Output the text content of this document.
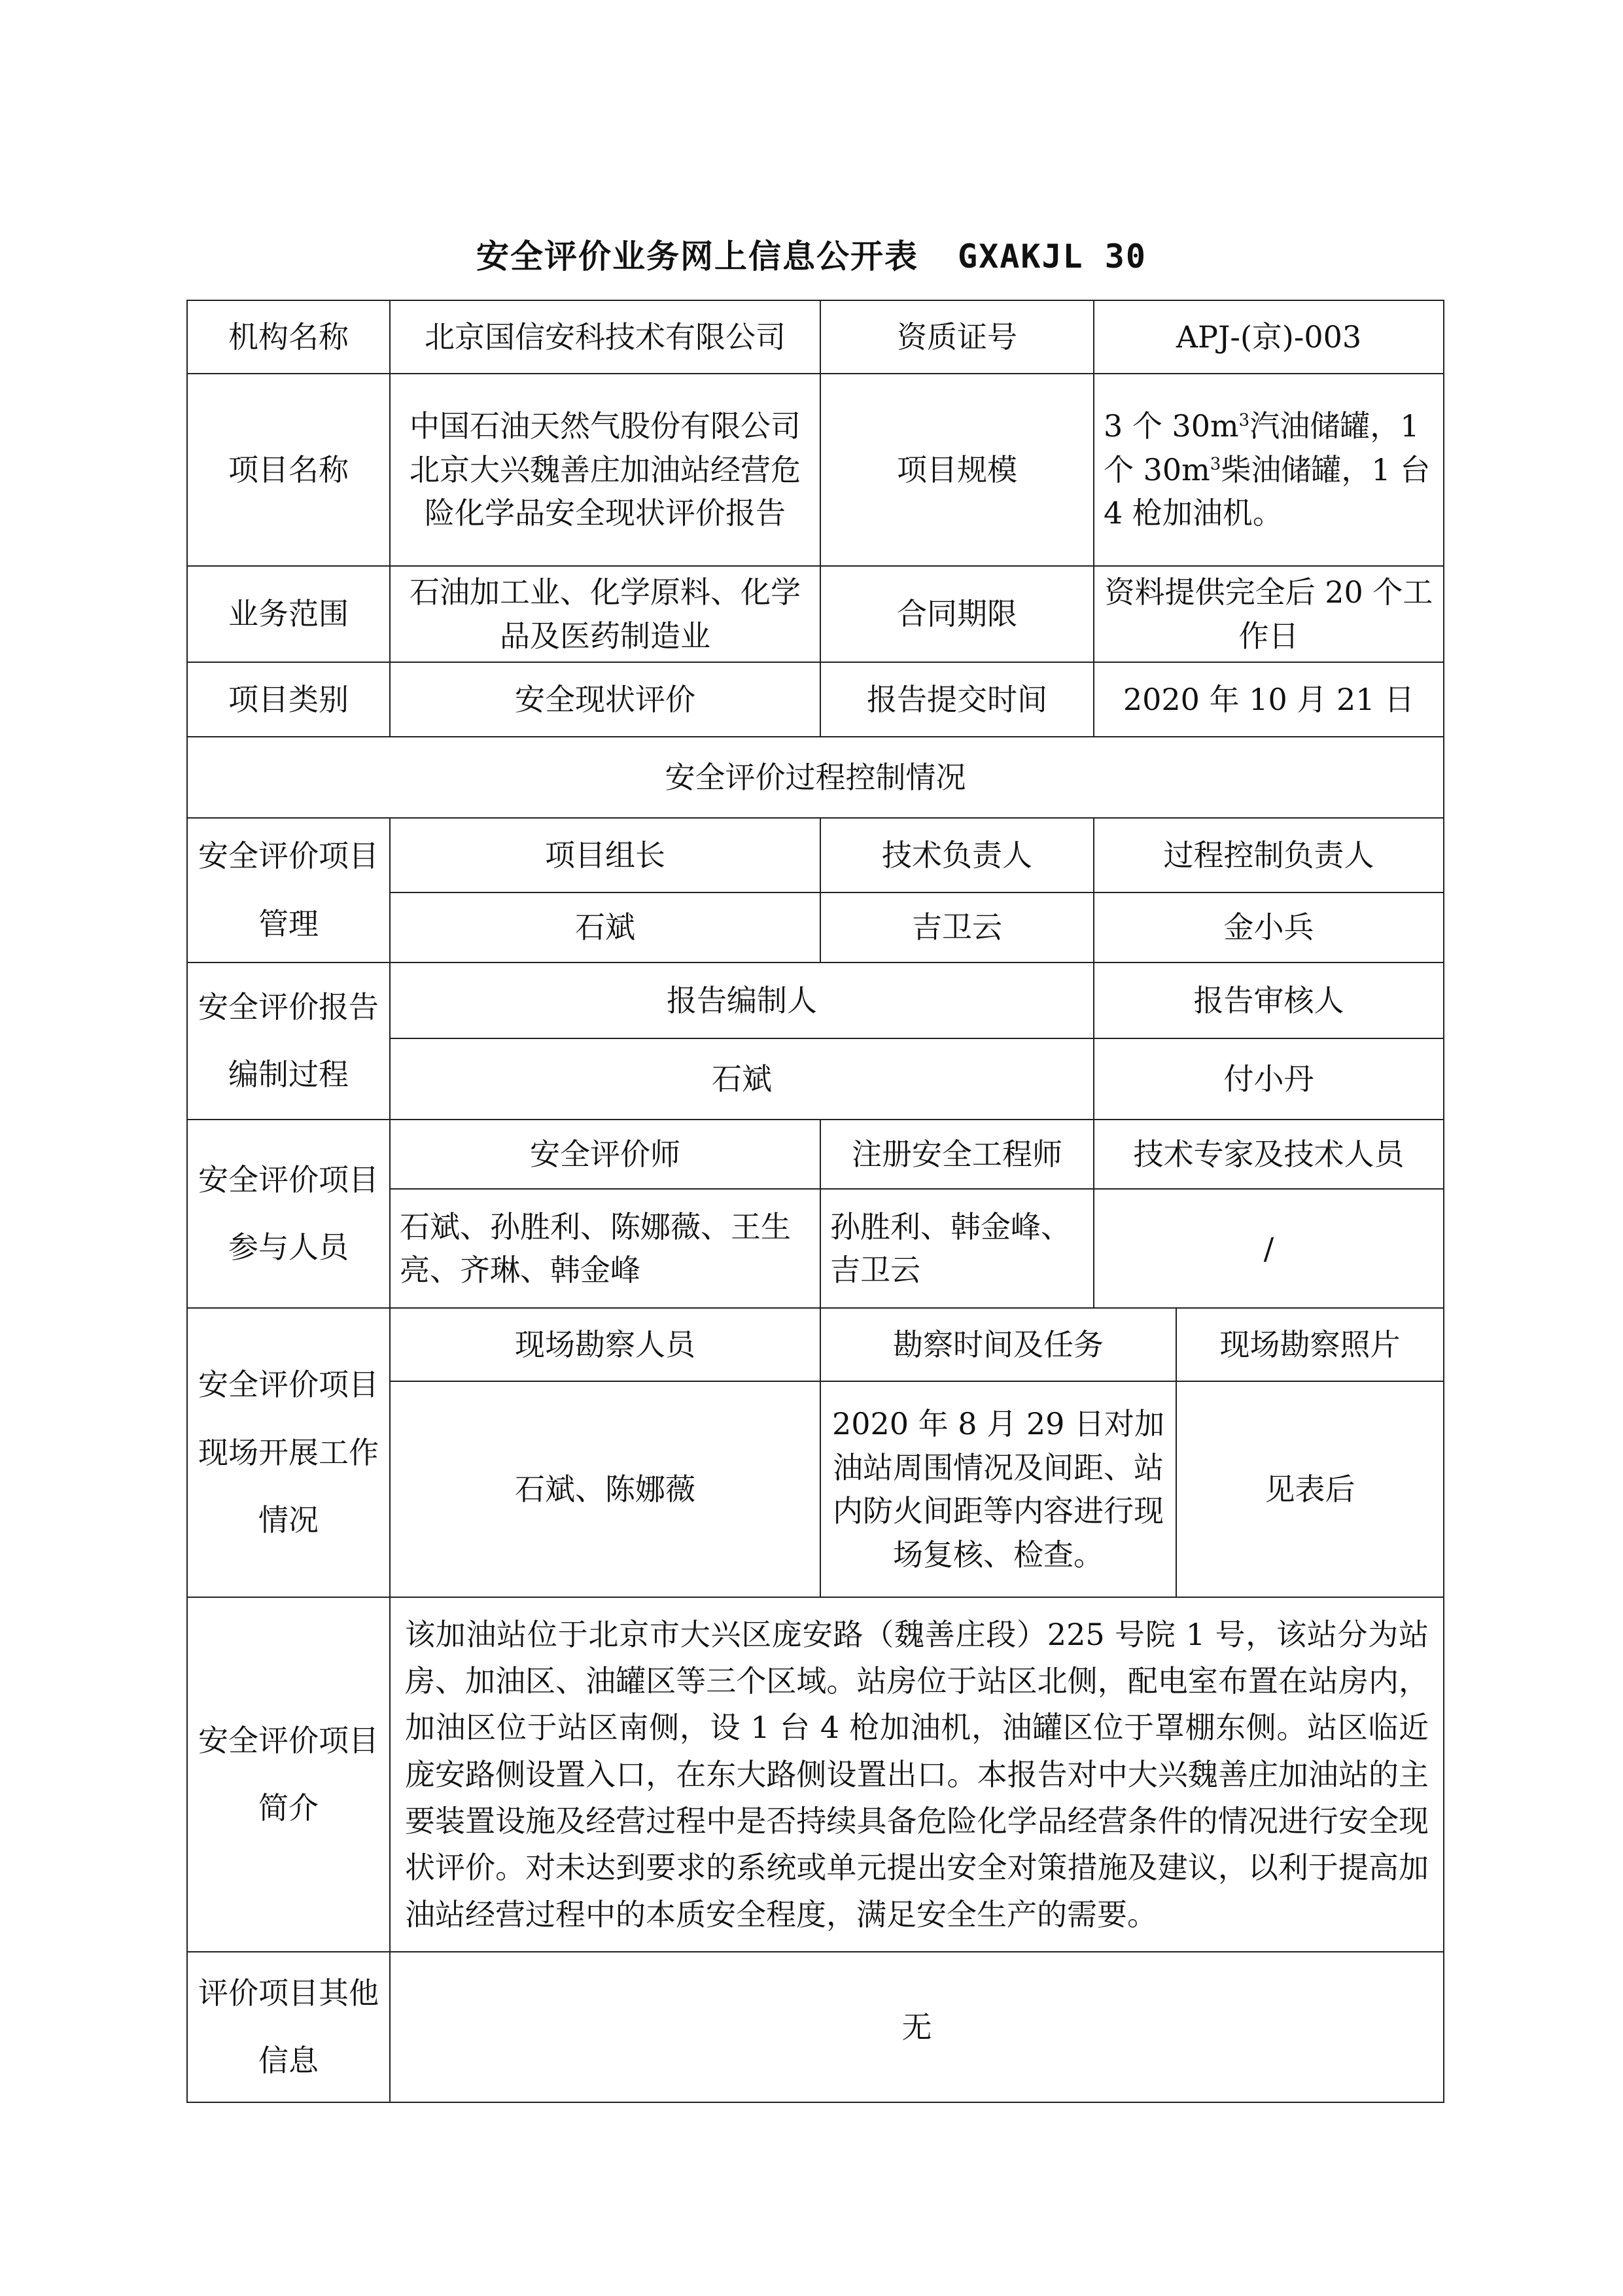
安全评价业务网上信息公开表 GXAKJL 30
机构名称	北京国信安科技术有限公司	资质证号	APJ-(京)-003	
项目名称	中国石油天然气股份有限公司北京大兴魏善庄加油站经营危险化学品安全现状评价报告	项目规模	3 个 $30m^3$汽油储罐，1 个 $30m^3$柴油储罐，1 台 4 枪加油机。	
业务范围	石油加工业、化学原料、化学品及医药制造业	合同期限	资料提供完全后 20 个工作日	
项目类别	安全现状评价	报告提交时间	2020 年 10 月 21 日	
安全评价过程控制情况				
安全评价项目管理	项目组长	技术负责人	过程控制负责人	
	石斌	吉卫云	金小兵	
安全评价报告编制过程	报告编制人		报告审核人	
	石斌		付小丹	
安全评价项目参与人员	安全评价师	注册安全工程师	技术专家及技术人员	
	石斌、孙胜利、陈娜薇、王生亮、齐琳、韩金峰	孙胜利、韩金峰、吉卫云	/	
安全评价项目现场开展工作情况	现场勘察人员	勘察时间及任务		现场勘察照片
	石斌、陈娜薇	2020 年 8 月 29 日对加油站周围情况及间距、站内防火间距等内容进行现场复核、检查。		见表后
安全评价项目简介	该加油站位于北京市大兴区庞安路（魏善庄段）225 号院 1 号，该站分为站房、加油区、油罐区等三个区域。站房位于站区北侧，配电室布置在站房内，加油区位于站区南侧，设 1 台 4 枪加油机，油罐区位于罩棚东侧。站区临近庞安路侧设置入口，在东大路侧设置出口。本报告对中大兴魏善庄加油站的主要装置设施及经营过程中是否持续具备危险化学品经营条件的情况进行安全现状评价。对未达到要求的系统或单元提出安全对策措施及建议，以利于提高加油站经营过程中的本质安全程度，满足安全生产的需要。			
评价项目其他信息	无			
